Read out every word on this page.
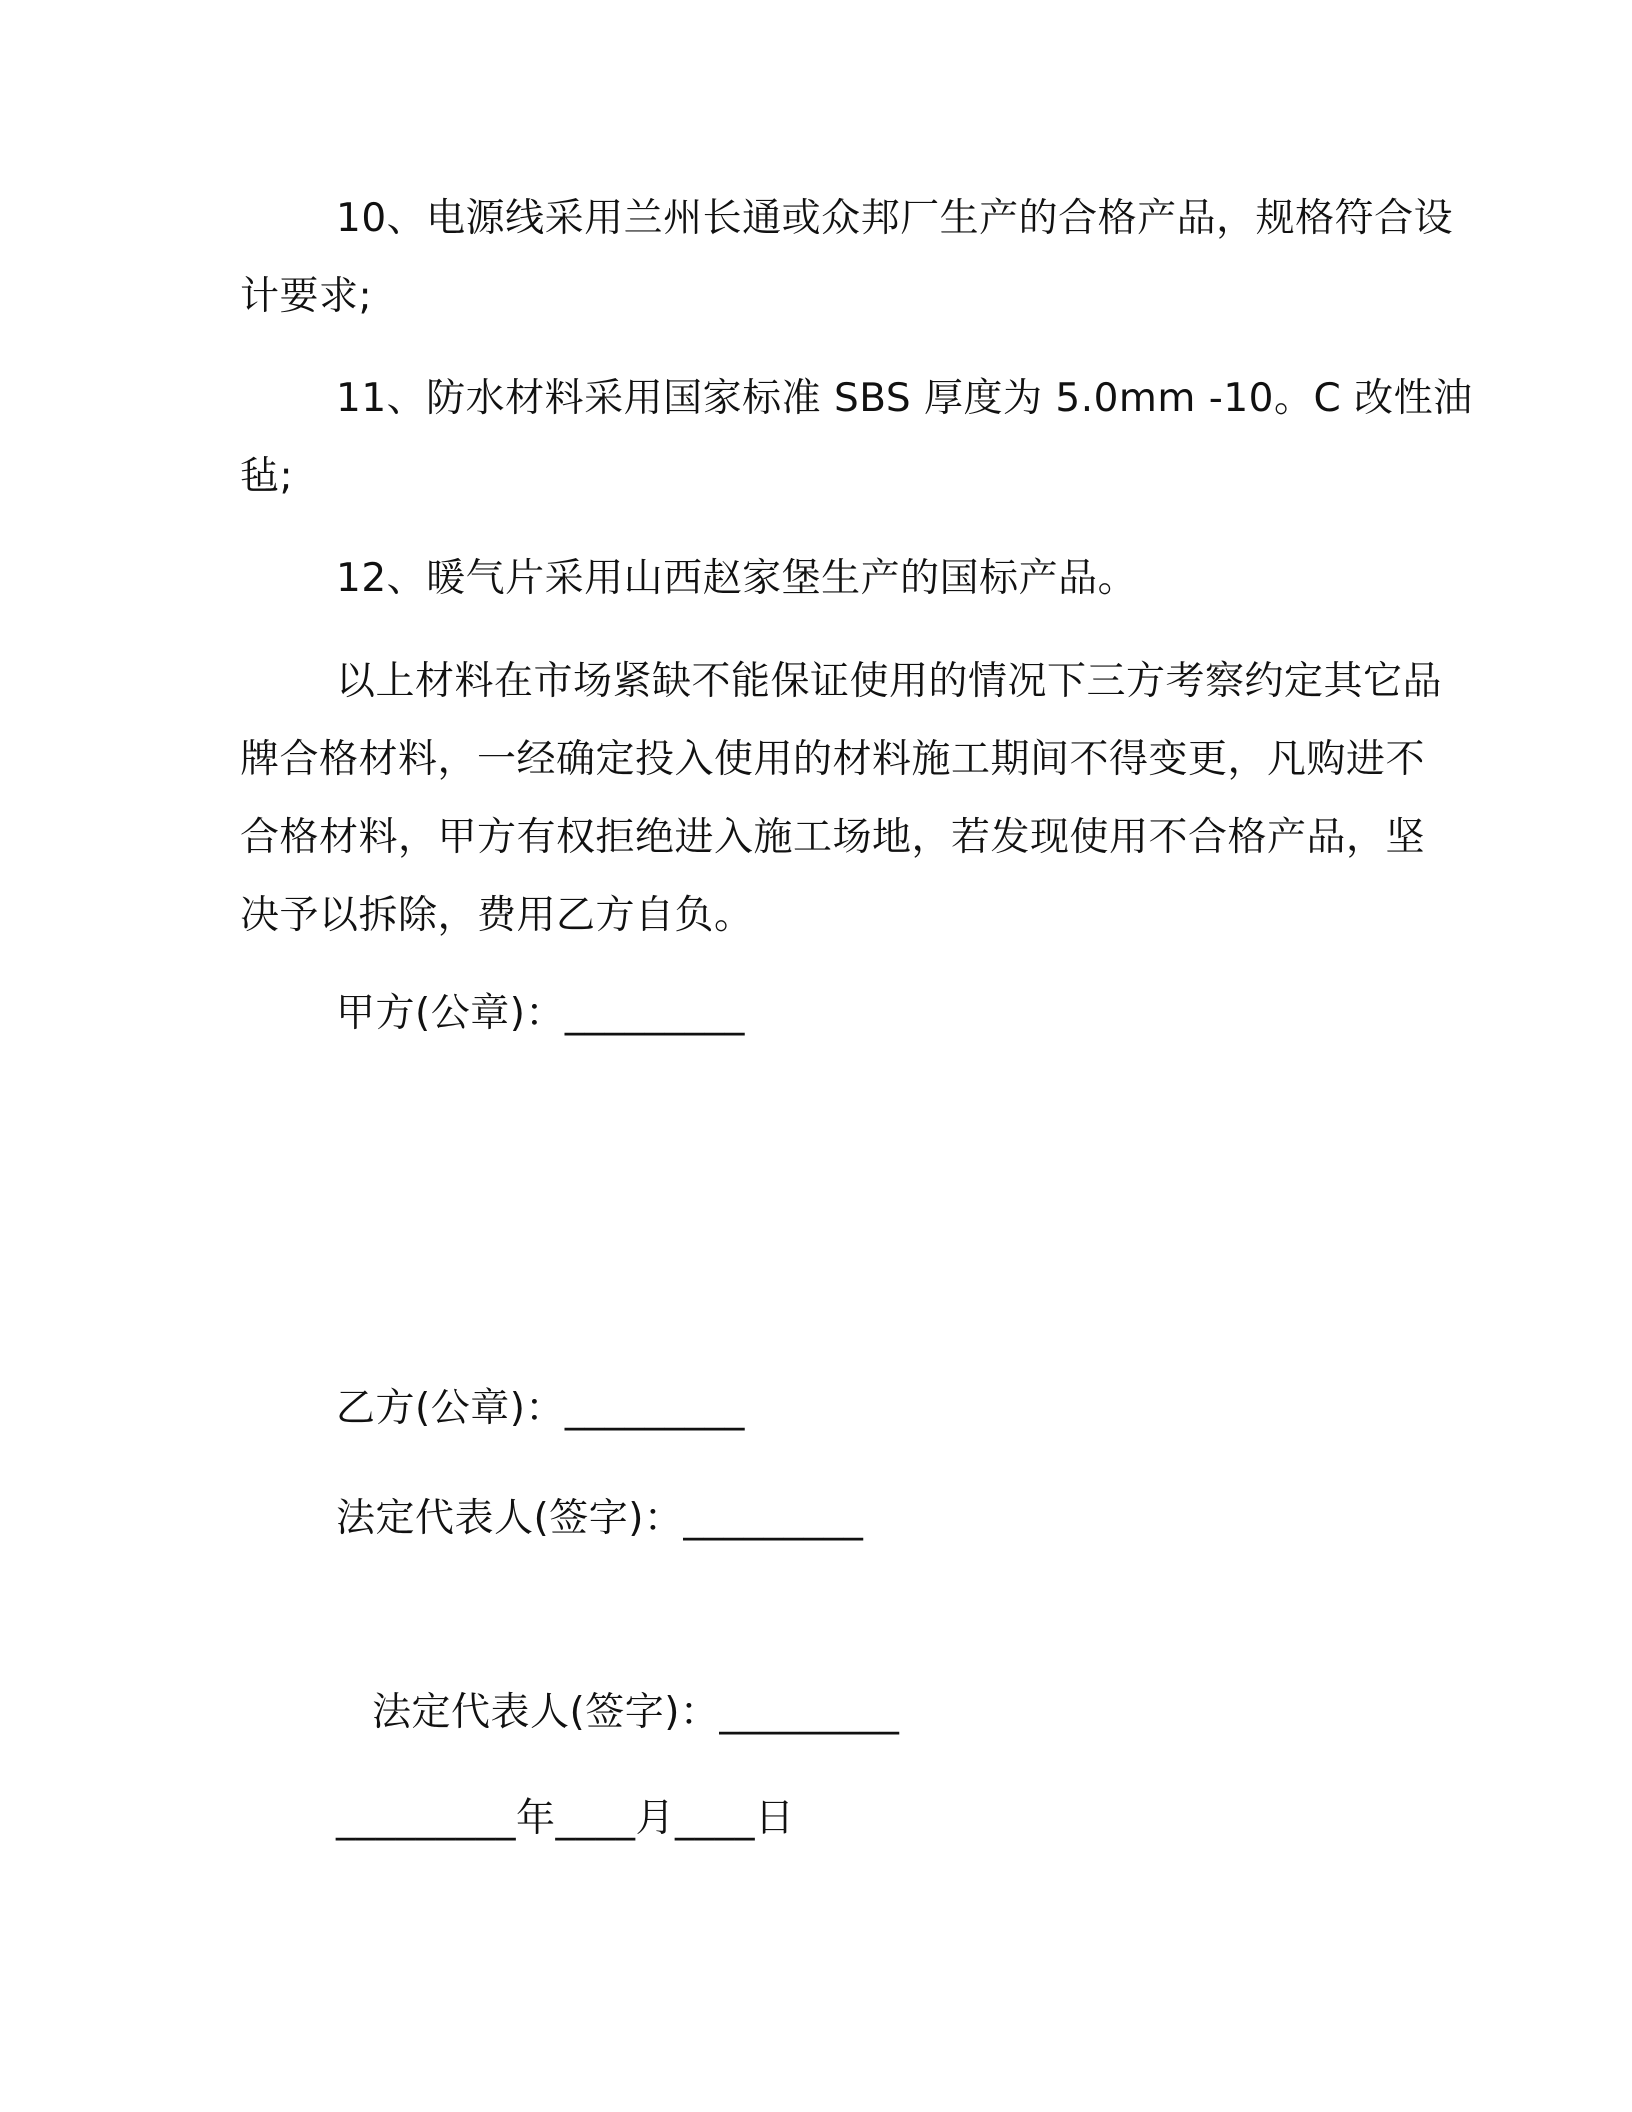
10、电源线采用兰州长通或众邦厂生产的合格产品，规格符合设
计要求;
11、防水材料采用国家标准 SBS 厚度为 5.0mm -10。C 改性油
毡;
12、暖气片采用山西赵家堡生产的国标产品。
以上材料在市场紧缺不能保证使用的情况下三方考察约定其它品
牌合格材料，一经确定投入使用的材料施工期间不得变更，凡购进不
合格材料，甲方有权拒绝进入施工场地，若发现使用不合格产品，坚
决予以拆除，费用乙方自负。
甲方(公章)：_________
乙方(公章)：_________
法定代表人(签字)：_________
法定代表人(签字)：_________
_________年____月____日
